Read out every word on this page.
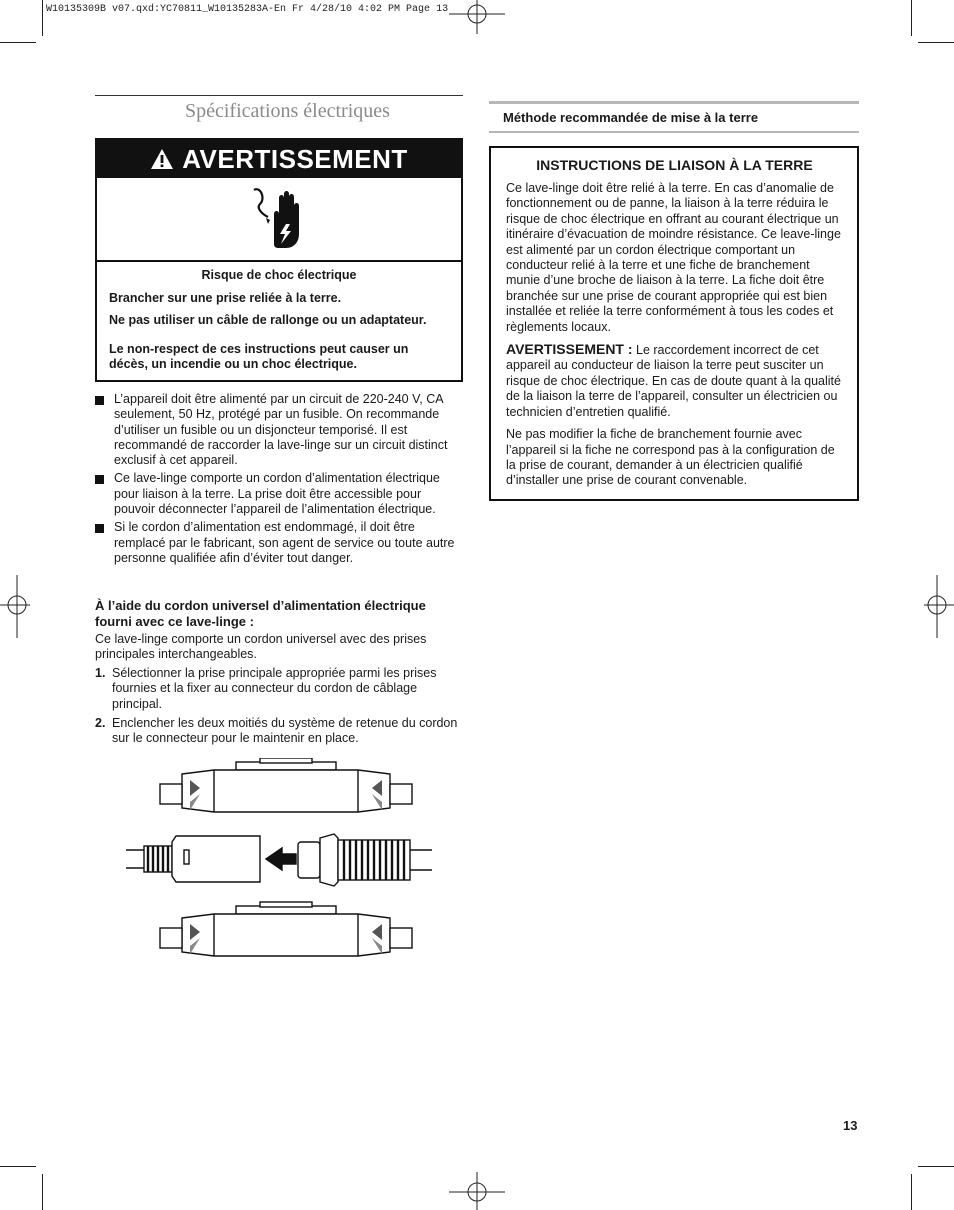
W10135309B v07.qxd:YC70811_W10135283A-En Fr 4/28/10 4:02 PM Page 13
Spécifications électriques
AVERTISSEMENT
Risque de choc électrique

Brancher sur une prise reliée à la terre.

Ne pas utiliser un câble de rallonge ou un adaptateur.

Le non-respect de ces instructions peut causer un décès, un incendie ou un choc électrique.

L’appareil doit être alimenté par un circuit de 220-240 V, CA seulement, 50 Hz, protégé par un fusible. On recommande d’utiliser un fusible ou un disjoncteur temporisé. Il est recommandé de raccorder la lave-linge sur un circuit distinct exclusif à cet appareil.
Ce lave-linge comporte un cordon d’alimentation électrique pour liaison à la terre. La prise doit être accessible pour pouvoir déconnecter l’appareil de l’alimentation électrique.
Si le cordon d’alimentation est endommagé, il doit être remplacé par le fabricant, son agent de service ou toute autre personne qualifiée afin d’éviter tout danger.
À l’aide du cordon universel d’alimentation électrique fourni avec ce lave-linge :
Ce lave-linge comporte un cordon universel avec des prises principales interchangeables.
1. Sélectionner la prise principale appropriée parmi les prises fournies et la fixer au connecteur du cordon de câblage principal.
2. Enclencher les deux moitiés du système de retenue du cordon sur le connecteur pour le maintenir en place.
Méthode recommandée de mise à la terre
INSTRUCTIONS DE LIAISON À LA TERRE

Ce lave-linge doit être relié à la terre. En cas d’anomalie de fonctionnement ou de panne, la liaison à la terre réduira le risque de choc électrique en offrant au courant électrique un itinéraire d’évacuation de moindre résistance. Ce leave-linge est alimenté par un cordon électrique comportant un conducteur relié à la terre et une fiche de branchement munie d’une broche de liaison à la terre. La fiche doit être branchée sur une prise de courant appropriée qui est bien installée et reliée la terre conformément à tous les codes et règlements locaux.

AVERTISSEMENT : Le raccordement incorrect de cet appareil au conducteur de liaison la terre peut susciter un risque de choc électrique. En cas de doute quant à la qualité de la liaison la terre de l’appareil, consulter un électricien ou technicien d’entretien qualifié.

Ne pas modifier la fiche de branchement fournie avec l’appareil si la fiche ne correspond pas à la configuration de la prise de courant, demander à un électricien qualifié d’installer une prise de courant convenable.

13
